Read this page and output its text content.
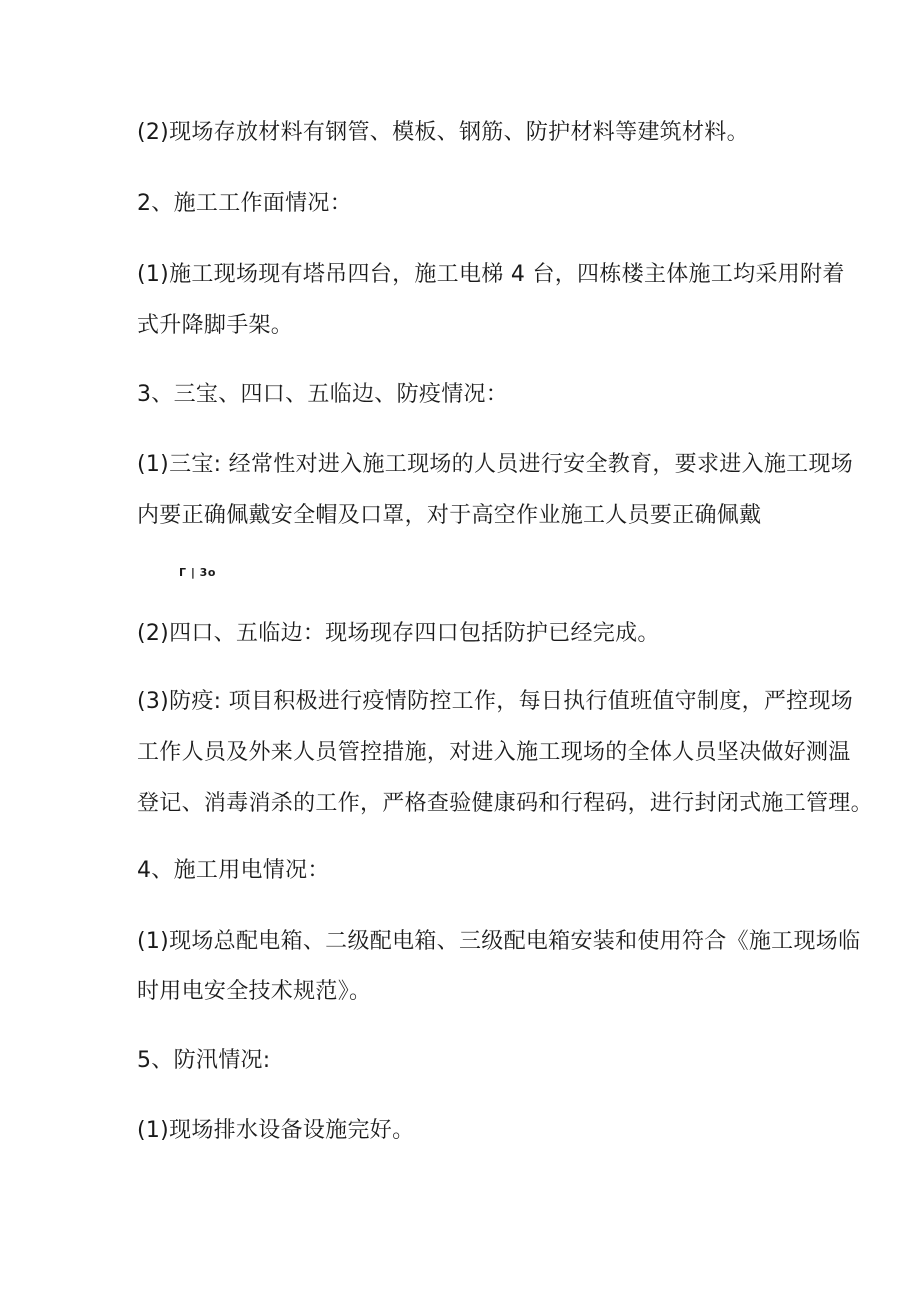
(2)现场存放材料有钢管、模板、钢筋、防护材料等建筑材料。
2、施工工作面情况：
(1)施工现场现有塔吊四台，施工电梯 4 台，四栋楼主体施工均采用附着
式升降脚手架。
3、三宝、四口、五临边、防疫情况：
(1)三宝: 经常性对进入施工现场的人员进行安全教育，要求进入施工现场
内要正确佩戴安全帽及口罩，对于高空作业施工人员要正确佩戴
Γ | 3o
(2)四口、五临边：现场现存四口包括防护已经完成。
(3)防疫: 项目积极进行疫情防控工作，每日执行值班值守制度，严控现场
工作人员及外来人员管控措施，对进入施工现场的全体人员坚决做好测温
登记、消毒消杀的工作，严格查验健康码和行程码，进行封闭式施工管理。
4、施工用电情况：
(1)现场总配电箱、二级配电箱、三级配电箱安装和使用符合《施工现场临
时用电安全技术规范》。
5、防汛情况:
(1)现场排水设备设施完好。
